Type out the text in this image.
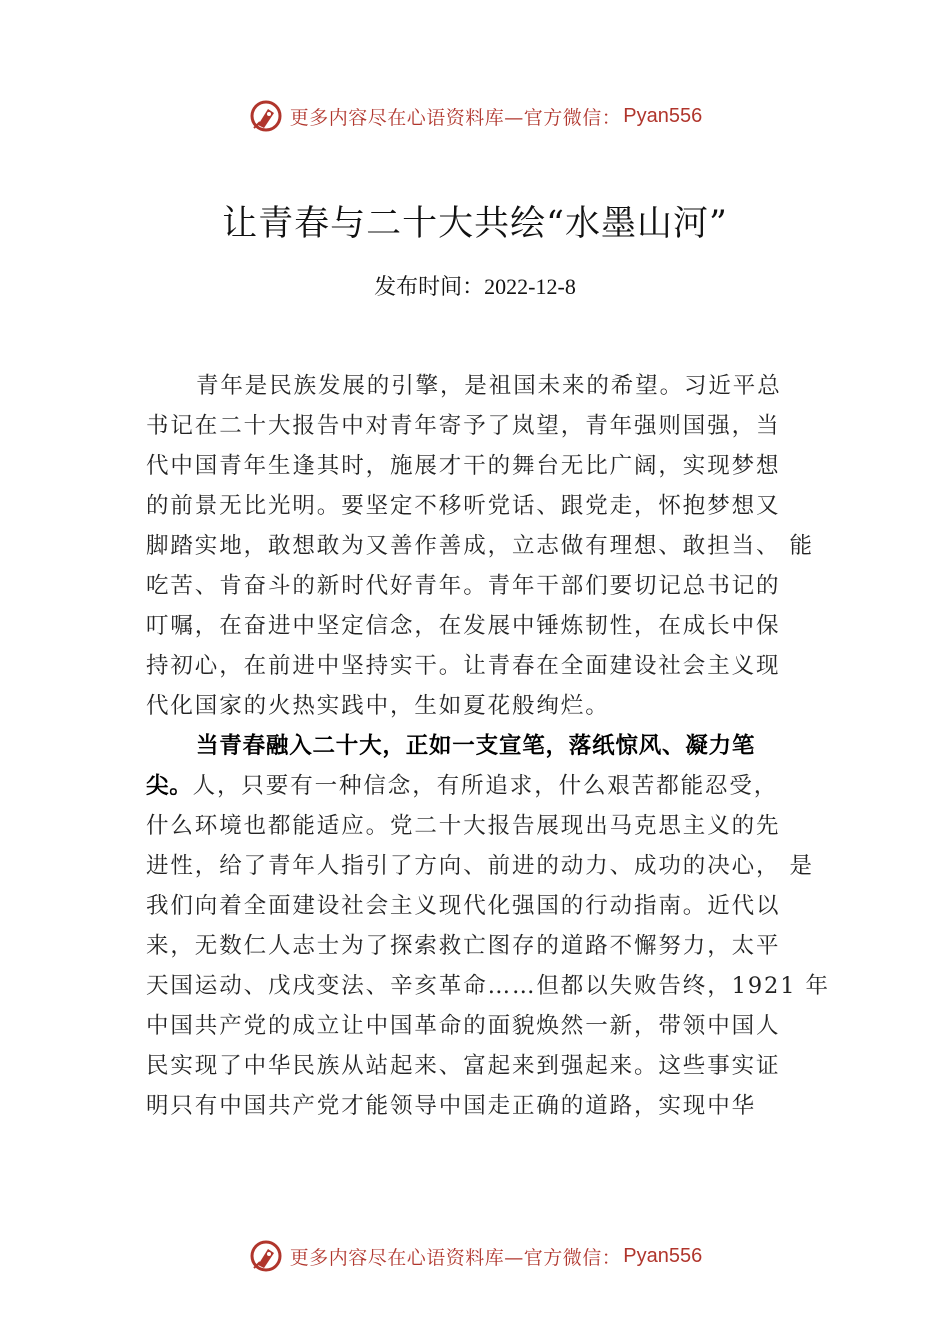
更多内容尽在心语资料库—官方微信： Pyan556
让青春与二十大共绘“水墨山河”
发布时间：2022-12-8
青年是民族发展的引擎，是祖国未来的希望。习近平总
书记在二十大报告中对青年寄予了岚望，青年强则国强，当
代中国青年生逢其时，施展才干的舞台无比广阔，实现梦想
的前景无比光明。要坚定不移听党话、跟党走，怀抱梦想又
脚踏实地，敢想敢为又善作善成，立志做有理想、敢担当、 能
吃苦、肯奋斗的新时代好青年。青年干部们要切记总书记的
叮嘱，在奋进中坚定信念，在发展中锤炼韧性，在成长中保
持初心，在前进中坚持实干。让青春在全面建设社会主义现
代化国家的火热实践中，生如夏花般绚烂。
当青春融入二十大，正如一支宣笔，落纸惊风、凝力笔
尖。人，只要有一种信念，有所追求，什么艰苦都能忍受，
什么环境也都能适应。党二十大报告展现出马克思主义的先
进性，给了青年人指引了方向、前进的动力、成功的决心， 是
我们向着全面建设社会主义现代化强国的行动指南。近代以
来，无数仁人志士为了探索救亡图存的道路不懈努力，太平
天国运动、戊戌变法、辛亥革命……但都以失败告终，1921 年
中国共产党的成立让中国革命的面貌焕然一新，带领中国人
民实现了中华民族从站起来、富起来到强起来。这些事实证
明只有中国共产党才能领导中国走正确的道路，实现中华
更多内容尽在心语资料库—官方微信： Pyan556
